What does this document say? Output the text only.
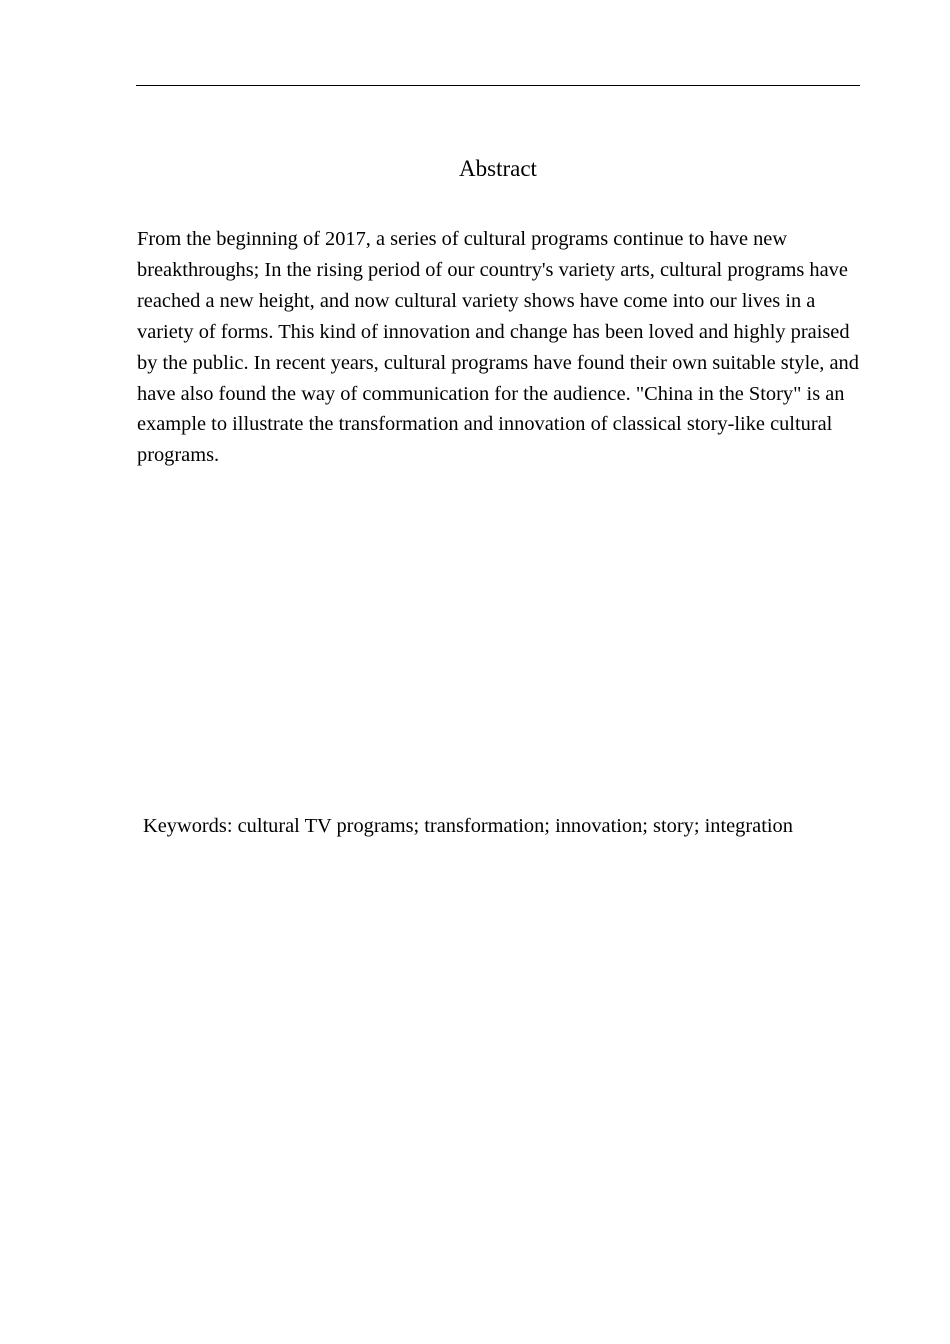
Abstract

From the beginning of 2017, a series of cultural programs continue to have new breakthroughs; In the rising period of our country's variety arts, cultural programs have reached a new height, and now cultural variety shows have come into our lives in a variety of forms. This kind of innovation and change has been loved and highly praised by the public. In recent years, cultural programs have found their own suitable style, and have also found the way of communication for the audience. "China in the Story" is an example to illustrate the transformation and innovation of classical story-like cultural programs.

Keywords: cultural TV programs; transformation; innovation; story; integration
